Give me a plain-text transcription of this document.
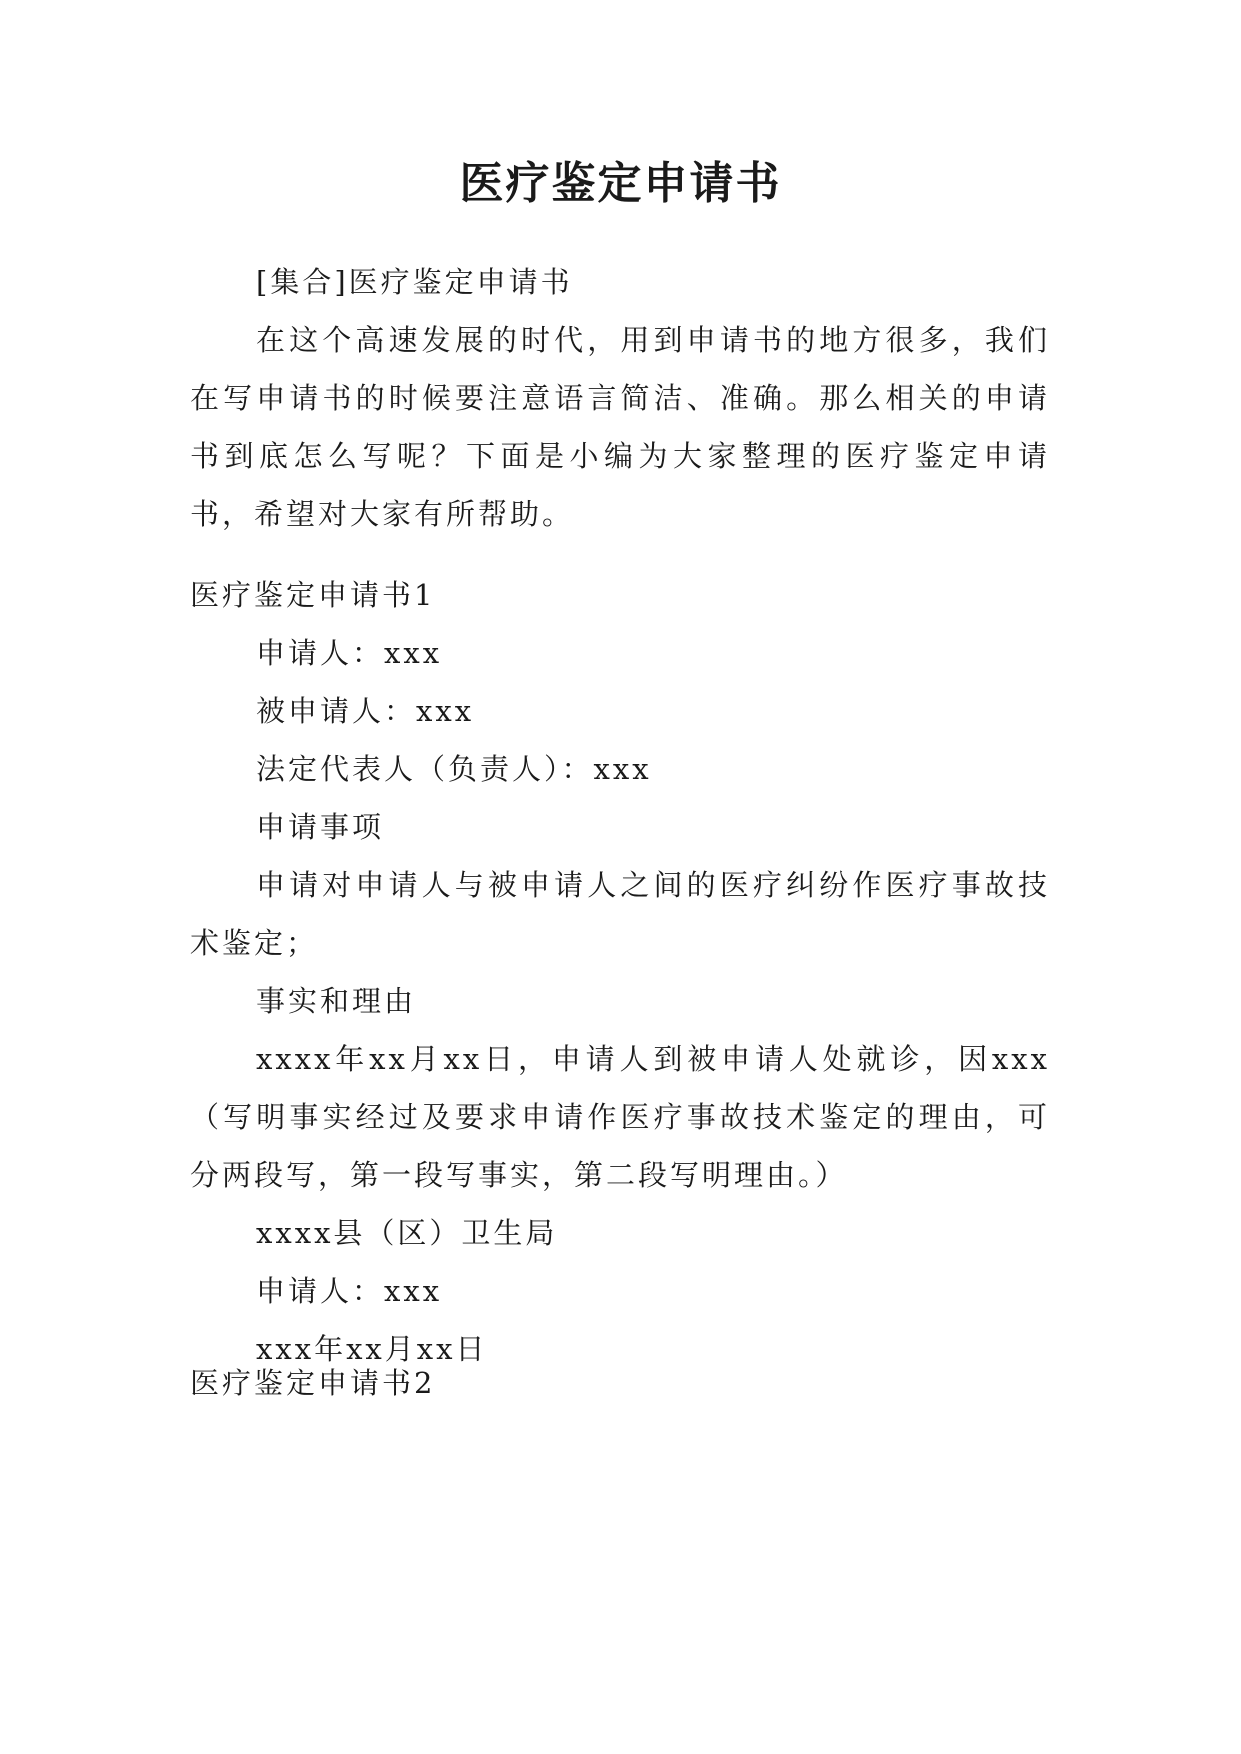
医疗鉴定申请书

[集合]医疗鉴定申请书

在这个高速发展的时代，用到申请书的地方很多，我们在写申请书的时候要注意语言简洁、准确。那么相关的申请书到底怎么写呢？下面是小编为大家整理的医疗鉴定申请书，希望对大家有所帮助。

医疗鉴定申请书1

申请人：xxx

被申请人：xxx

法定代表人（负责人）：xxx

申请事项

申请对申请人与被申请人之间的医疗纠纷作医疗事故技术鉴定；

事实和理由

xxxx年xx月xx日，申请人到被申请人处就诊，因xxx（写明事实经过及要求申请作医疗事故技术鉴定的理由，可分两段写，第一段写事实，第二段写明理由。）

xxxx县（区）卫生局

申请人：xxx

xxx年xx月xx日

医疗鉴定申请书2
